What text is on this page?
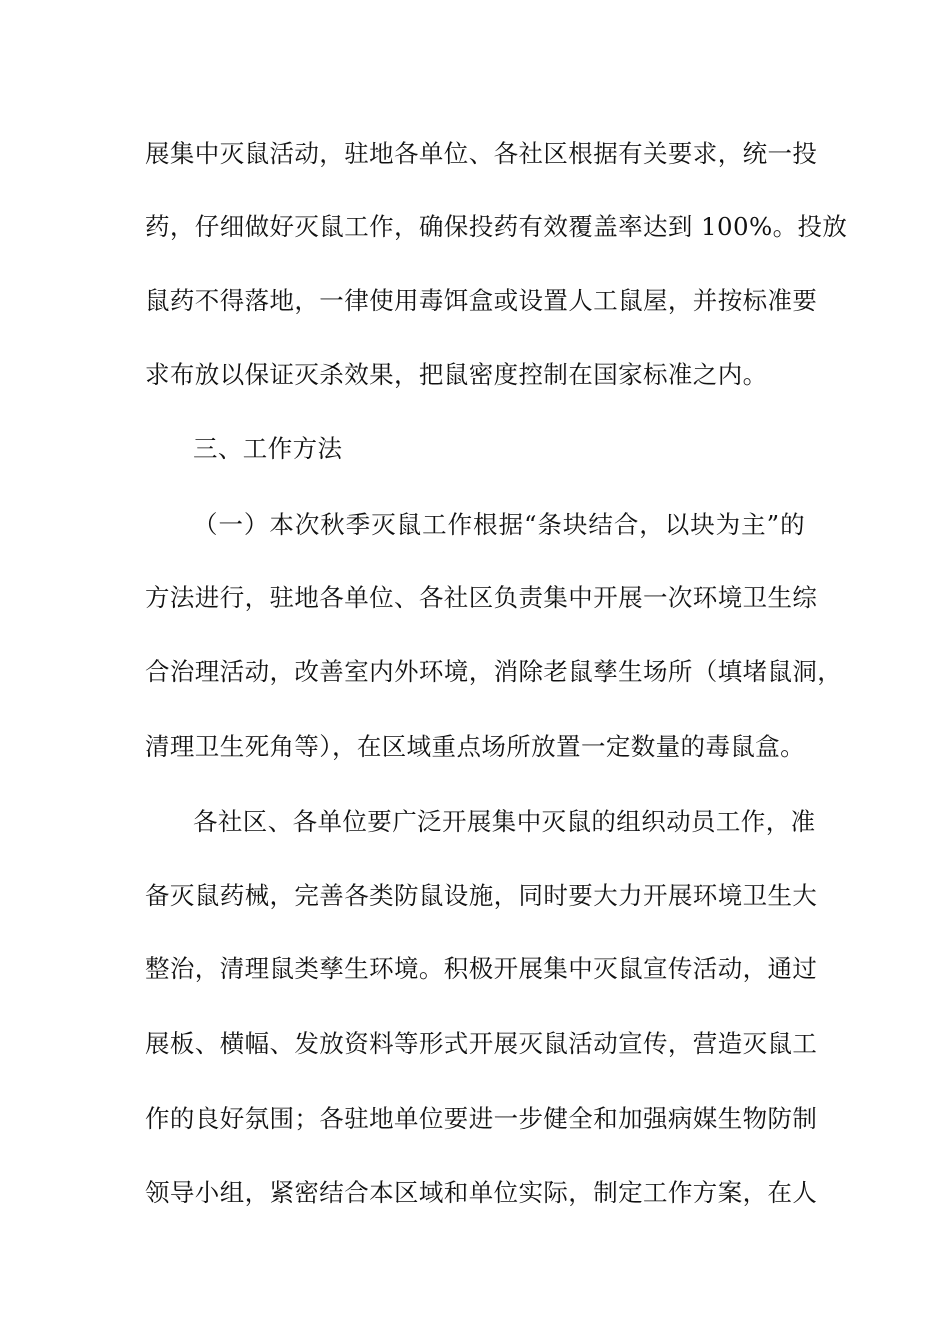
展集中灭鼠活动，驻地各单位、各社区根据有关要求，统一投
药，仔细做好灭鼠工作，确保投药有效覆盖率达到 100%。投放
鼠药不得落地，一律使用毒饵盒或设置人工鼠屋，并按标准要
求布放以保证灭杀效果，把鼠密度控制在国家标准之内。
三、工作方法
（一）本次秋季灭鼠工作根据“条块结合，以块为主”的
方法进行，驻地各单位、各社区负责集中开展一次环境卫生综
合治理活动，改善室内外环境，消除老鼠孳生场所（填堵鼠洞，
清理卫生死角等），在区域重点场所放置一定数量的毒鼠盒。
各社区、各单位要广泛开展集中灭鼠的组织动员工作，准
备灭鼠药械，完善各类防鼠设施，同时要大力开展环境卫生大
整治，清理鼠类孳生环境。积极开展集中灭鼠宣传活动，通过
展板、横幅、发放资料等形式开展灭鼠活动宣传，营造灭鼠工
作的良好氛围；各驻地单位要进一步健全和加强病媒生物防制
领导小组，紧密结合本区域和单位实际，制定工作方案，在人
